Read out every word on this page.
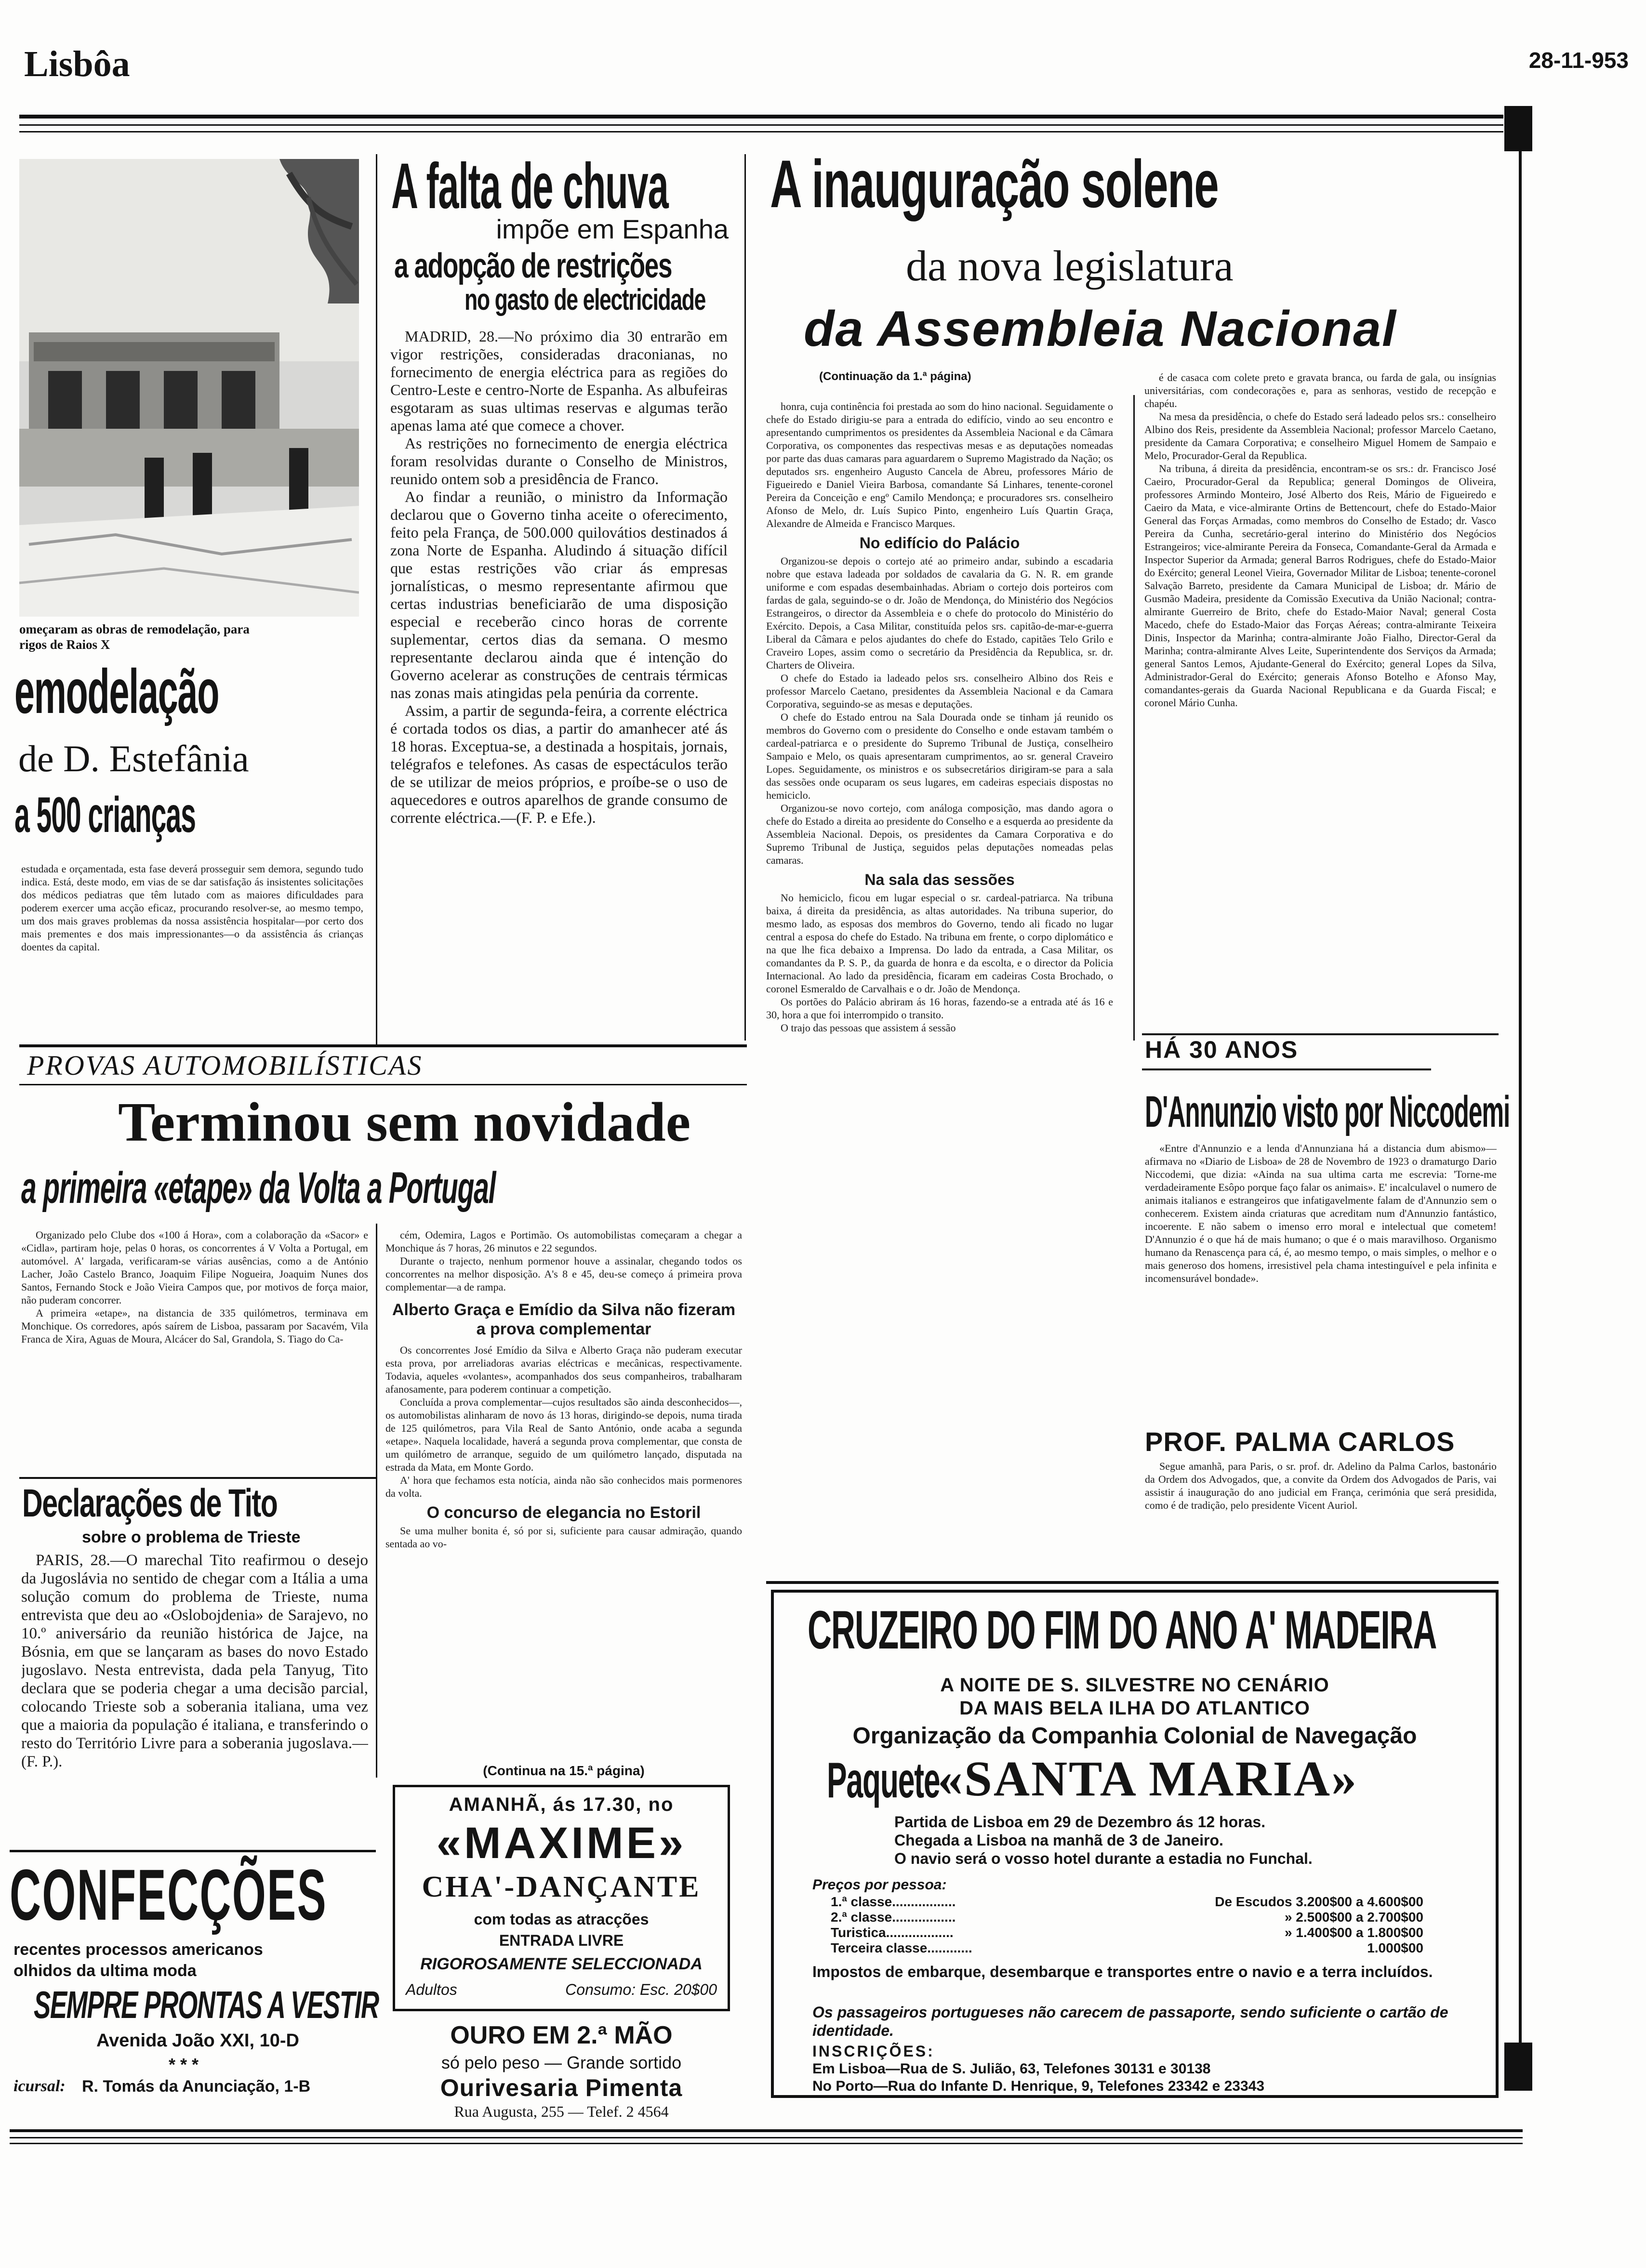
Lisbôa	28-11-953
omeçaram as obras de remodelação, para
rigos de Raios X
emodelação
de D. Estefânia
a 500 crianças

estudada e orçamentada, esta fase deverá prosseguir sem demora, segundo tudo indica. Está, deste modo, em vias de se dar satisfação ás insistentes solicitações dos médicos pediatras que têm lutado com as maiores dificuldades para poderem exercer uma acção eficaz, procurando resolver-se, ao mesmo tempo, um dos mais graves problemas da nossa assistência hospitalar—por certo dos mais prementes e dos mais impressionantes—o da assistência ás crianças doentes da capital.

A falta de chuva
impõe em Espanha
a adopção de restrições
no gasto de electricidade

MADRID, 28.—No próximo dia 30 entrarão em vigor restrições, consideradas draconianas, no fornecimento de energia eléctrica para as regiões do Centro-Leste e centro-Norte de Espanha. As albufeiras esgotaram as suas ultimas reservas e algumas terão apenas lama até que comece a chover.

As restrições no fornecimento de energia eléctrica foram resolvidas durante o Conselho de Ministros, reunido ontem sob a presidência de Franco.

Ao findar a reunião, o ministro da Informação declarou que o Governo tinha aceite o oferecimento, feito pela França, de 500.000 quilovátios destinados á zona Norte de Espanha. Aludindo á situação difícil que estas restrições vão criar ás empresas jornalísticas, o mesmo representante afirmou que certas industrias beneficiarão de uma disposição especial e receberão cinco horas de corrente suplementar, certos dias da semana. O mesmo representante declarou ainda que é intenção do Governo acelerar as construções de centrais térmicas nas zonas mais atingidas pela penúria da corrente.

Assim, a partir de segunda-feira, a corrente eléctrica é cortada todos os dias, a partir do amanhecer até ás 18 horas. Exceptua-se, a destinada a hospitais, jornais, telégrafos e telefones. As casas de espectáculos terão de se utilizar de meios próprios, e proíbe-se o uso de aquecedores e outros aparelhos de grande consumo de corrente eléctrica.—(F. P. e Efe.).

A inauguração solene
da nova legislatura
da Assembleia Nacional
(Continuação da 1.ª página)

honra, cuja continência foi prestada ao som do hino nacional. Seguidamente o chefe do Estado dirigiu-se para a entrada do edifício, vindo ao seu encontro e apresentando cumprimentos os presidentes da Assembleia Nacional e da Câmara Corporativa, os componentes das respectivas mesas e as deputações nomeadas por parte das duas camaras para aguardarem o Supremo Magistrado da Nação; os deputados srs. engenheiro Augusto Cancela de Abreu, professores Mário de Figueiredo e Daniel Vieira Barbosa, comandante Sá Linhares, tenente-coronel Pereira da Conceição e engº Camilo Mendonça; e procuradores srs. conselheiro Afonso de Melo, dr. Luís Supico Pinto, engenheiro Luís Quartin Graça, Alexandre de Almeida e Francisco Marques.

No edifício do Palácio

Organizou-se depois o cortejo até ao primeiro andar, subindo a escadaria nobre que estava ladeada por soldados de cavalaria da G. N. R. em grande uniforme e com espadas desembainhadas. Abriam o cortejo dois porteiros com fardas de gala, seguindo-se o dr. João de Mendonça, do Ministério dos Negócios Estrangeiros, o director da Assembleia e o chefe do protocolo do Ministério do Exército. Depois, a Casa Militar, constituída pelos srs. capitão-de-mar-e-guerra Liberal da Câmara e pelos ajudantes do chefe do Estado, capitães Telo Grilo e Craveiro Lopes, assim como o secretário da Presidência da Republica, sr. dr. Charters de Oliveira.

O chefe do Estado ia ladeado pelos srs. conselheiro Albino dos Reis e professor Marcelo Caetano, presidentes da Assembleia Nacional e da Camara Corporativa, seguindo-se as mesas e deputações.

O chefe do Estado entrou na Sala Dourada onde se tinham já reunido os membros do Governo com o presidente do Conselho e onde estavam também o cardeal-patriarca e o presidente do Supremo Tribunal de Justiça, conselheiro Sampaio e Melo, os quais apresentaram cumprimentos, ao sr. general Craveiro Lopes. Seguidamente, os ministros e os subsecretários dirigiram-se para a sala das sessões onde ocuparam os seus lugares, em cadeiras especiais dispostas no hemiciclo.

Organizou-se novo cortejo, com análoga composição, mas dando agora o chefe do Estado a direita ao presidente do Conselho e a esquerda ao presidente da Assembleia Nacional. Depois, os presidentes da Camara Corporativa e do Supremo Tribunal de Justiça, seguidos pelas deputações nomeadas pelas camaras.

Na sala das sessões

No hemiciclo, ficou em lugar especial o sr. cardeal-patriarca. Na tribuna baixa, á direita da presidência, as altas autoridades. Na tribuna superior, do mesmo lado, as esposas dos membros do Governo, tendo ali ficado no lugar central a esposa do chefe do Estado. Na tribuna em frente, o corpo diplomático e na que lhe fica debaixo a Imprensa. Do lado da entrada, a Casa Militar, os comandantes da P. S. P., da guarda de honra e da escolta, e o director da Policia Internacional. Ao lado da presidência, ficaram em cadeiras Costa Brochado, o coronel Esmeraldo de Carvalhais e o dr. João de Mendonça.

Os portões do Palácio abriram ás 16 horas, fazendo-se a entrada até ás 16 e 30, hora a que foi interrompido o transito.

O trajo das pessoas que assistem á sessão

é de casaca com colete preto e gravata branca, ou farda de gala, ou insígnias universitárias, com condecorações e, para as senhoras, vestido de recepção e chapéu.

Na mesa da presidência, o chefe do Estado será ladeado pelos srs.: conselheiro Albino dos Reis, presidente da Assembleia Nacional; professor Marcelo Caetano, presidente da Camara Corporativa; e conselheiro Miguel Homem de Sampaio e Melo, Procurador-Geral da Republica.

Na tribuna, á direita da presidência, encontram-se os srs.: dr. Francisco José Caeiro, Procurador-Geral da Republica; general Domingos de Oliveira, professores Armindo Monteiro, José Alberto dos Reis, Mário de Figueiredo e Caeiro da Mata, e vice-almirante Ortins de Bettencourt, chefe do Estado-Maior General das Forças Armadas, como membros do Conselho de Estado; dr. Vasco Pereira da Cunha, secretário-geral interino do Ministério dos Negócios Estrangeiros; vice-almirante Pereira da Fonseca, Comandante-Geral da Armada e Inspector Superior da Armada; general Barros Rodrigues, chefe do Estado-Maior do Exército; general Leonel Vieira, Governador Militar de Lisboa; tenente-coronel Salvação Barreto, presidente da Camara Municipal de Lisboa; dr. Mário de Gusmão Madeira, presidente da Comissão Executiva da União Nacional; contra-almirante Guerreiro de Brito, chefe do Estado-Maior Naval; general Costa Macedo, chefe do Estado-Maior das Forças Aéreas; contra-almirante Teixeira Dinis, Inspector da Marinha; contra-almirante João Fialho, Director-Geral da Marinha; contra-almirante Alves Leite, Superintendente dos Serviços da Armada; general Santos Lemos, Ajudante-General do Exército; general Lopes da Silva, Administrador-Geral do Exército; generais Afonso Botelho e Afonso May, comandantes-gerais da Guarda Nacional Republicana e da Guarda Fiscal; e coronel Mário Cunha.

HÁ 30 ANOS
D'Annunzio visto por Niccodemi

«Entre d'Annunzio e a lenda d'Annunziana há a distancia dum abismo»—afirmava no «Diario de Lisboa» de 28 de Novembro de 1923 o dramaturgo Dario Niccodemi, que dizia: «Ainda na sua ultima carta me escrevia: 'Torne-me verdadeiramente Esôpo porque faço falar os animais». E' incalculavel o numero de animais italianos e estrangeiros que infatigavelmente falam de d'Annunzio sem o conhecerem. Existem ainda criaturas que acreditam num d'Annunzio fantástico, incoerente. E não sabem o imenso erro moral e intelectual que cometem! D'Annunzio é o que há de mais humano; o que é o mais maravilhoso. Organismo humano da Renascença para cá, é, ao mesmo tempo, o mais simples, o melhor e o mais generoso dos homens, irresistivel pela chama intestinguível e pela infinita e incomensurável bondade».

PROF. PALMA CARLOS

Segue amanhã, para Paris, o sr. prof. dr. Adelino da Palma Carlos, bastonário da Ordem dos Advogados, que, a convite da Ordem dos Advogados de Paris, vai assistir á inauguração do ano judicial em França, cerimónia que será presidida, como é de tradição, pelo presidente Vicent Auriol.

PROVAS AUTOMOBILÍSTICAS
Terminou sem novidade
a primeira «etape» da Volta a Portugal

Organizado pelo Clube dos «100 á Hora», com a colaboração da «Sacor» e «Cidla», partiram hoje, pelas 0 horas, os concorrentes á V Volta a Portugal, em automóvel. A' largada, verificaram-se várias ausências, como a de António Lacher, João Castelo Branco, Joaquim Filipe Nogueira, Joaquim Nunes dos Santos, Fernando Stock e João Vieira Campos que, por motivos de força maior, não puderam concorrer.

A primeira «etape», na distancia de 335 quilómetros, terminava em Monchique. Os corredores, após saírem de Lisboa, passaram por Sacavém, Vila Franca de Xira, Aguas de Moura, Alcácer do Sal, Grandola, S. Tiago do Ca-

cém, Odemira, Lagos e Portimão. Os automobilistas começaram a chegar a Monchique ás 7 horas, 26 minutos e 22 segundos.

Durante o trajecto, nenhum pormenor houve a assinalar, chegando todos os concorrentes na melhor disposição. A's 8 e 45, deu-se começo á primeira prova complementar—a de rampa.

Alberto Graça e Emídio da Silva não fizeram a prova complementar

Os concorrentes José Emídio da Silva e Alberto Graça não puderam executar esta prova, por arreliadoras avarias eléctricas e mecânicas, respectivamente. Todavia, aqueles «volantes», acompanhados dos seus companheiros, trabalharam afanosamente, para poderem continuar a competição.

Concluída a prova complementar—cujos resultados são ainda desconhecidos—, os automobilistas alinharam de novo ás 13 horas, dirigindo-se depois, numa tirada de 125 quilómetros, para Vila Real de Santo António, onde acaba a segunda «etape». Naquela localidade, haverá a segunda prova complementar, que consta de um quilómetro de arranque, seguido de um quilómetro lançado, disputada na estrada da Mata, em Monte Gordo.

A' hora que fechamos esta notícia, ainda não são conhecidos mais pormenores da volta.

O concurso de elegancia no Estoril

Se uma mulher bonita é, só por si, suficiente para causar admiração, quando sentada ao vo-

(Continua na 15.ª página)
Declarações de Tito
sobre o problema de Trieste

PARIS, 28.—O marechal Tito reafirmou o desejo da Jugoslávia no sentido de chegar com a Itália a uma solução comum do problema de Trieste, numa entrevista que deu ao «Oslobojdenia» de Sarajevo, no 10.º aniversário da reunião histórica de Jajce, na Bósnia, em que se lançaram as bases do novo Estado jugoslavo. Nesta entrevista, dada pela Tanyug, Tito declara que se poderia chegar a uma decisão parcial, colocando Trieste sob a soberania italiana, uma vez que a maioria da população é italiana, e transferindo o resto do Território Livre para a soberania jugoslava.—(F. P.).

CONFECÇÕES
recentes processos americanos
olhidos da ultima moda
SEMPRE PRONTAS A VESTIR
Avenida João XXI, 10-D
* * *
icursal: R. Tomás da Anunciação, 1-B
AMANHÃ, ás 17.30, no
«MAXIME»
CHA'-DANÇANTE
com todas as atracções
ENTRADA LIVRE
RIGOROSAMENTE SELECCIONADA
Adultos	Consumo: Esc. 20$00
OURO EM 2.ª MÃO
só pelo peso — Grande sortido
Ourivesaria Pimenta
Rua Augusta, 255 — Telef. 2 4564
CRUZEIRO DO FIM DO ANO A' MADEIRA
A NOITE DE S. SILVESTRE NO CENÁRIO
DA MAIS BELA ILHA DO ATLANTICO
Organização da Companhia Colonial de Navegação
Paquete
«SANTA MARIA»
Partida de Lisboa em 29 de Dezembro ás 12 horas.
Chegada a Lisboa na manhã de 3 de Janeiro.
O navio será o vosso hotel durante a estadia no Funchal.
Preços por pessoa:
1.ª classe.................	De Escudos 3.200$00 a 4.600$00
2.ª classe.................	» 2.500$00 a 2.700$00
Turistica..................	» 1.400$00 a 1.800$00
Terceira classe............	1.000$00
Impostos de embarque, desembarque e transportes entre o navio e a terra incluídos.
Os passageiros portugueses não carecem de passaporte, sendo suficiente o cartão de identidade.
INSCRIÇÕES:
Em Lisboa—Rua de S. Julião, 63, Telefones 30131 e 30138
No Porto—Rua do Infante D. Henrique, 9, Telefones 23342 e 23343
